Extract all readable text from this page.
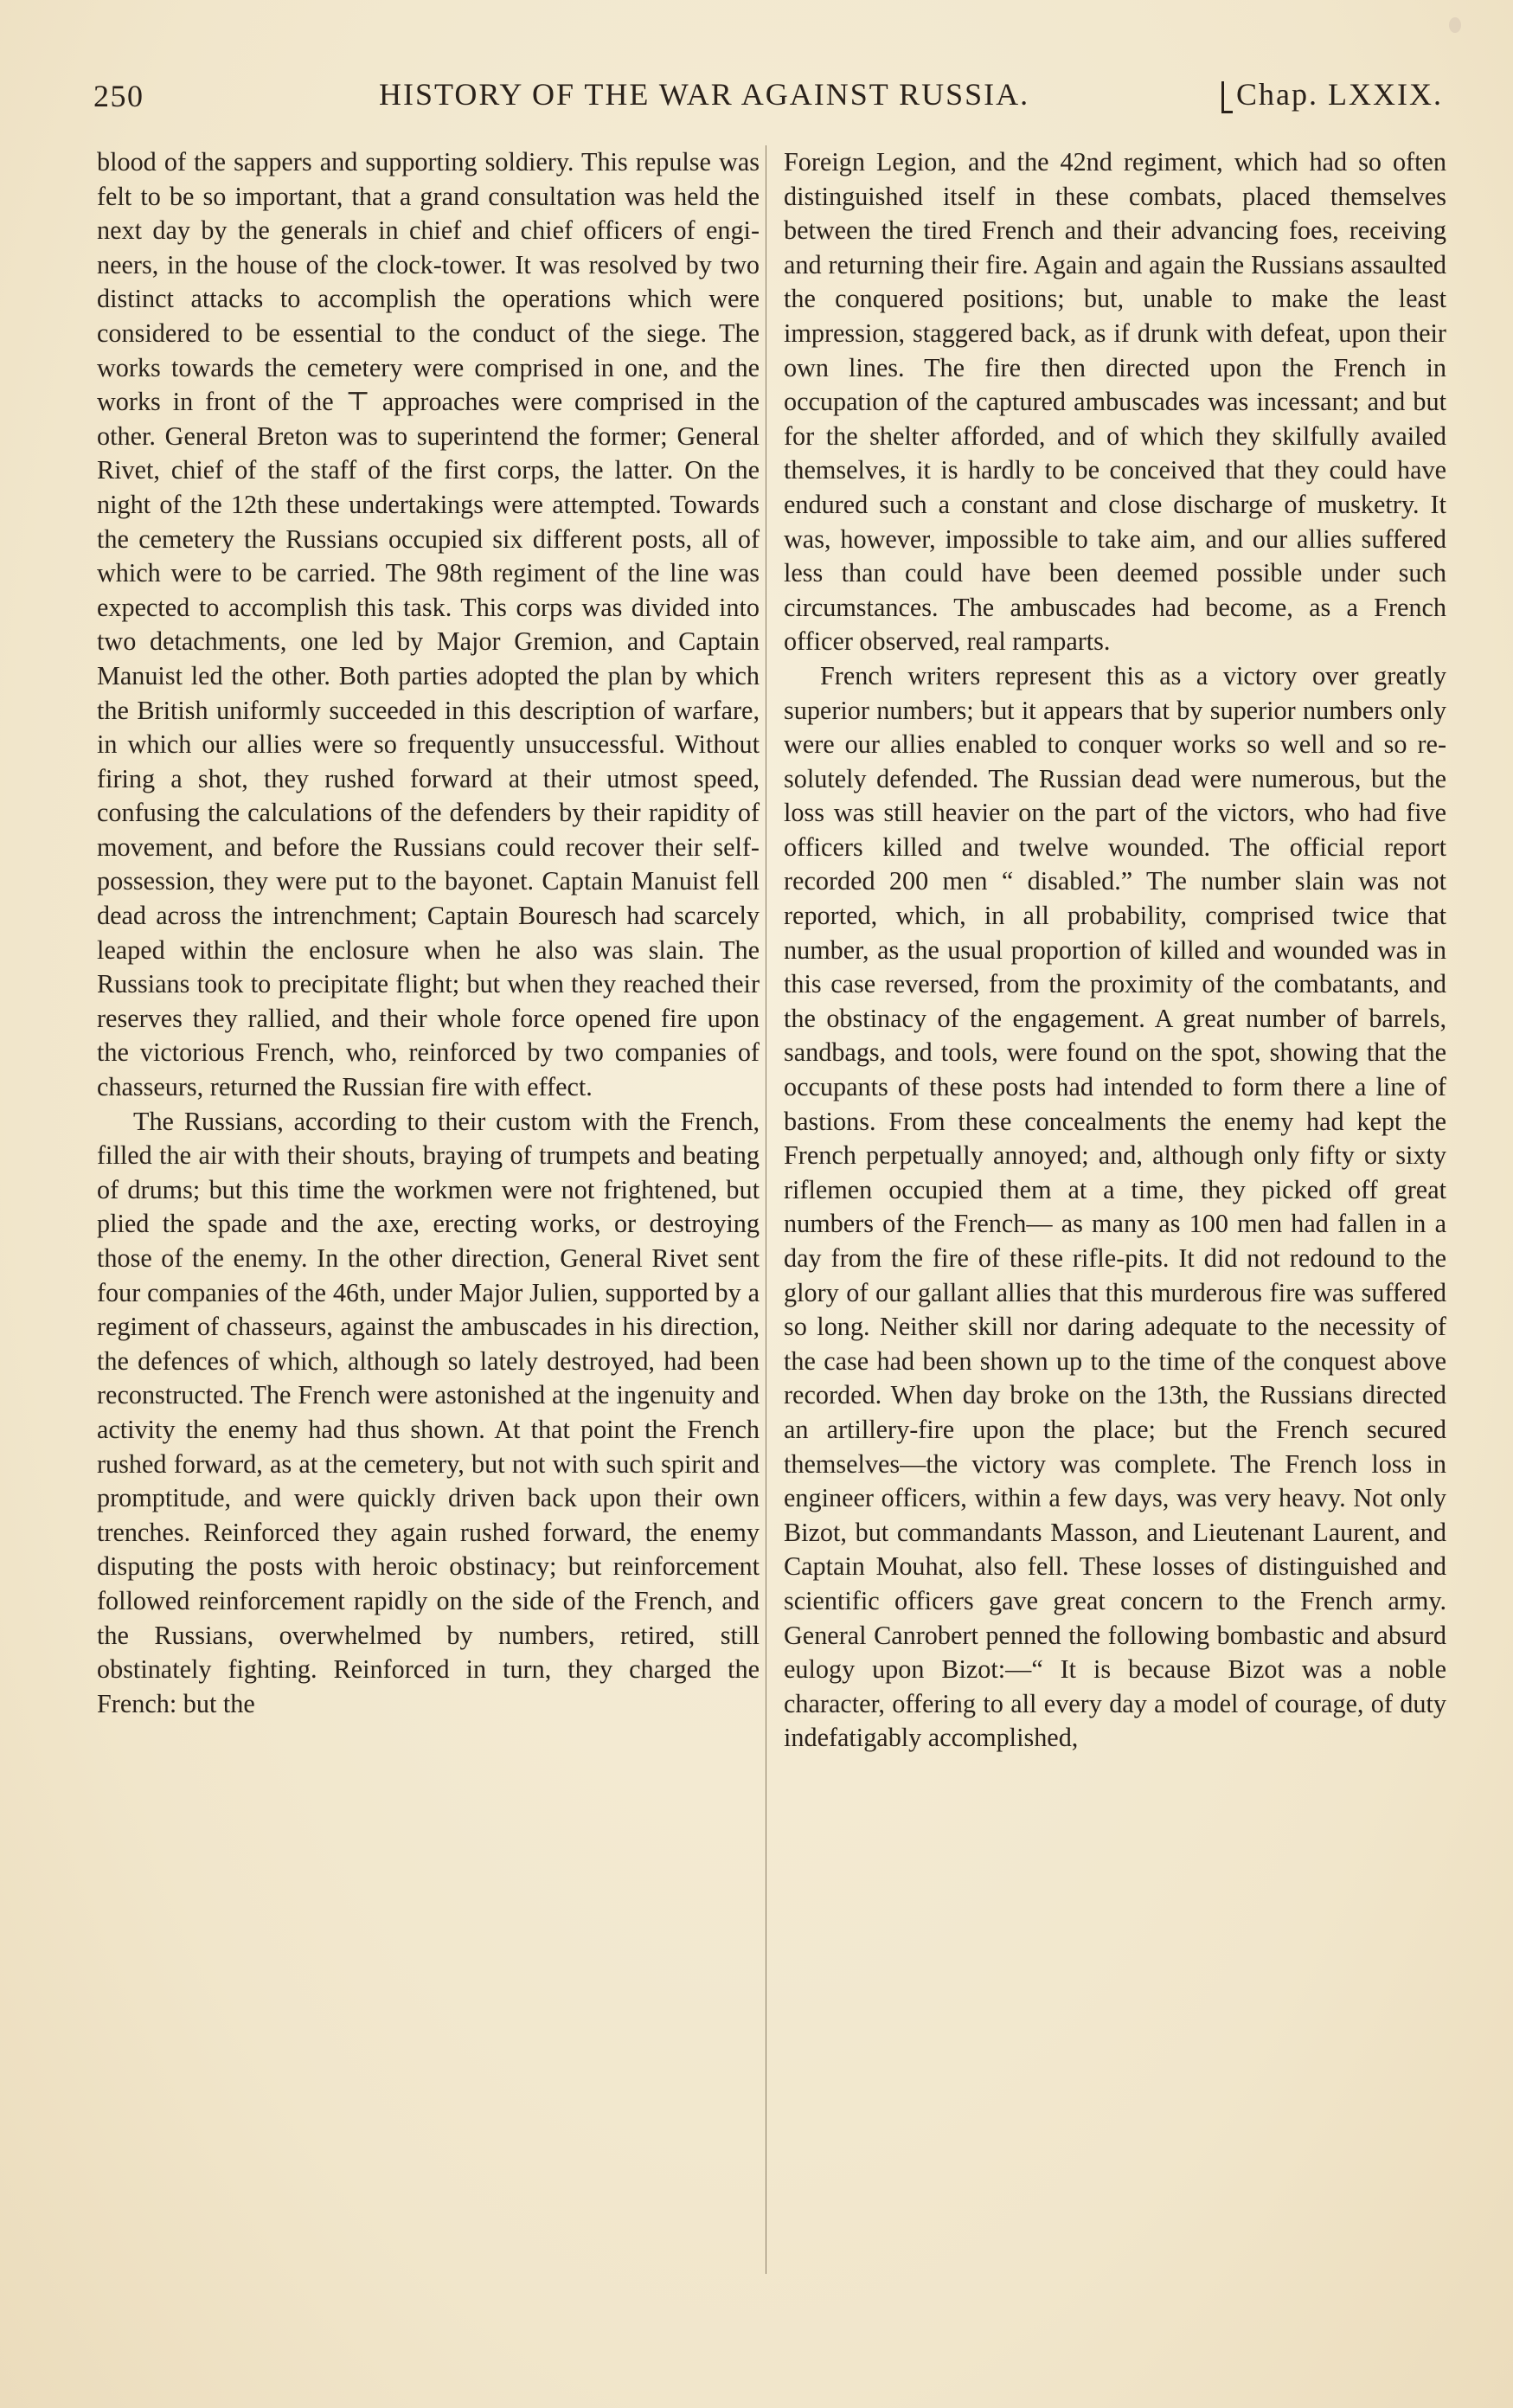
250	HISTORY OF THE WAR AGAINST RUSSIA.	Chap. LXXIX.

blood of the sappers and supporting soldiery. This repulse was felt to be so important, that a grand consultation was held the next day by the generals in chief and chief officers of engineers, in the house of the clock-tower. It was resolved by two distinct attacks to accomplish the operations which were considered to be essential to the conduct of the siege. The works towards the cemetery were comprised in one, and the works in front of the ⊤ approaches were comprised in the other. General Breton was to superintend the former; General Rivet, chief of the staff of the first corps, the latter. On the night of the 12th these undertakings were attempted. Towards the cemetery the Russians occupied six different posts, all of which were to be carried. The 98th regiment of the line was expected to accomplish this task. This corps was divided into two detachments, one led by Major Gremion, and Captain Manuist led the other. Both parties adopted the plan by which the British uniformly succeeded in this description of warfare, in which our allies were so frequently unsuccessful. Without firing a shot, they rushed forward at their utmost speed, confusing the calculations of the defenders by their rapidity of movement, and before the Russians could recover their self-possession, they were put to the bayonet. Captain Manuist fell dead across the intrenchment; Captain Bouresch had scarcely leaped within the enclosure when he also was slain. The Russians took to precipitate flight; but when they reached their reserves they rallied, and their whole force opened fire upon the victorious French, who, reinforced by two companies of chasseurs, returned the Russian fire with effect.

The Russians, according to their custom with the French, filled the air with their shouts, braying of trumpets and beating of drums; but this time the workmen were not frightened, but plied the spade and the axe, erecting works, or destroying those of the enemy. In the other direction, General Rivet sent four companies of the 46th, under Major Julien, supported by a regiment of chasseurs, against the ambuscades in his direction, the defences of which, although so lately destroyed, had been reconstructed. The French were astonished at the ingenuity and activity the enemy had thus shown. At that point the French rushed forward, as at the cemetery, but not with such spirit and promptitude, and were quickly driven back upon their own trenches. Reinforced they again rushed forward, the enemy disputing the posts with heroic obstinacy; but reinforcement followed reinforcement rapidly on the side of the French, and the Russians, overwhelmed by numbers, retired, still obstinately fighting. Reinforced in turn, they charged the French: but the

Foreign Legion, and the 42nd regiment, which had so often distinguished itself in these combats, placed themselves between the tired French and their advancing foes, receiving and returning their fire. Again and again the Russians assaulted the conquered positions; but, unable to make the least impression, staggered back, as if drunk with defeat, upon their own lines. The fire then directed upon the French in occupation of the captured ambuscades was incessant; and but for the shelter afforded, and of which they skilfully availed themselves, it is hardly to be conceived that they could have endured such a constant and close discharge of musketry. It was, however, impossible to take aim, and our allies suffered less than could have been deemed possible under such circumstances. The ambuscades had become, as a French officer observed, real ramparts.

French writers represent this as a victory over greatly superior numbers; but it appears that by superior numbers only were our allies enabled to conquer works so well and so resolutely defended. The Russian dead were numerous, but the loss was still heavier on the part of the victors, who had five officers killed and twelve wounded. The official report recorded 200 men “ disabled.” The number slain was not reported, which, in all probability, comprised twice that number, as the usual proportion of killed and wounded was in this case reversed, from the proximity of the combatants, and the obstinacy of the engagement. A great number of barrels, sandbags, and tools, were found on the spot, showing that the occupants of these posts had intended to form there a line of bastions. From these concealments the enemy had kept the French perpetually annoyed; and, although only fifty or sixty riflemen occupied them at a time, they picked off great numbers of the French— as many as 100 men had fallen in a day from the fire of these rifle-pits. It did not redound to the glory of our gallant allies that this murderous fire was suffered so long. Neither skill nor daring adequate to the necessity of the case had been shown up to the time of the conquest above recorded. When day broke on the 13th, the Russians directed an artillery-fire upon the place; but the French secured themselves—the victory was complete. The French loss in engineer officers, within a few days, was very heavy. Not only Bizot, but commandants Masson, and Lieutenant Laurent, and Captain Mouhat, also fell. These losses of distinguished and scientific officers gave great concern to the French army. General Canrobert penned the following bombastic and absurd eulogy upon Bizot:—“ It is because Bizot was a noble character, offering to all every day a model of courage, of duty indefatigably accomplished,
